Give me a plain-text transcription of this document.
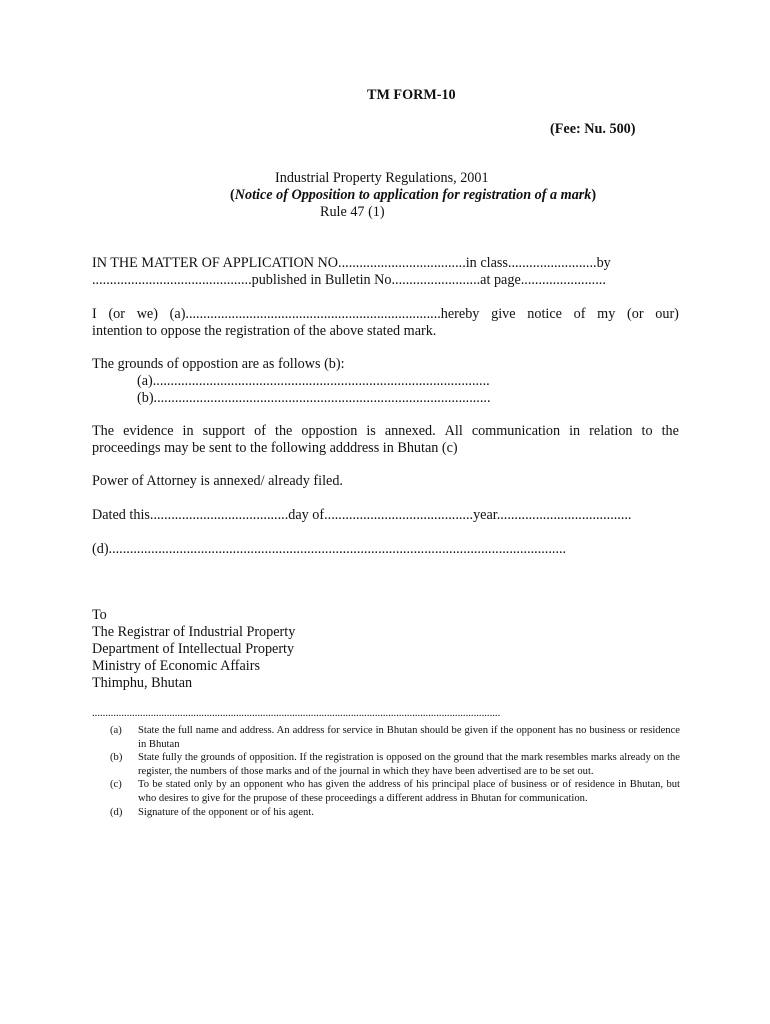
TM FORM-10
(Fee: Nu. 500)
Industrial Property Regulations, 2001
(Notice of Opposition to application for registration of a mark)
Rule 47 (1)
IN THE MATTER OF APPLICATION NO....................................in class.........................by
.............................................published in Bulletin No.........................at page........................
I (or we) (a)........................................................................hereby give notice of my (or our)
intention to oppose the registration of the above stated mark.
The grounds of oppostion are as follows (b):
(a)...............................................................................................
(b)...............................................................................................
The evidence in support of the oppostion is annexed. All communication in relation to the
proceedings may be sent to the following adddress in Bhutan (c)
Power of Attorney is annexed/ already filed.
Dated this.......................................day of..........................................year......................................
(d).................................................................................................................................
To
The Registrar of Industrial Property
Department of Intellectual Property
Ministry of Economic Affairs
Thimphu, Bhutan
.........................................................................................................................................................
(a)	State the full name and address. An address for service in Bhutan should be given if the opponent has no business or residence in Bhutan
(b)	State fully the grounds of opposition. If the registration is opposed on the ground that the mark resembles marks already on the register, the numbers of those marks and of the journal in which they have been advertised are to be set out.
(c)	To be stated only by an opponent who has given the address of his principal place of business or of residence in Bhutan, but who desires to give for the prupose of these proceedings a different address in Bhutan for communication.
(d)	Signature of the opponent or of his agent.
